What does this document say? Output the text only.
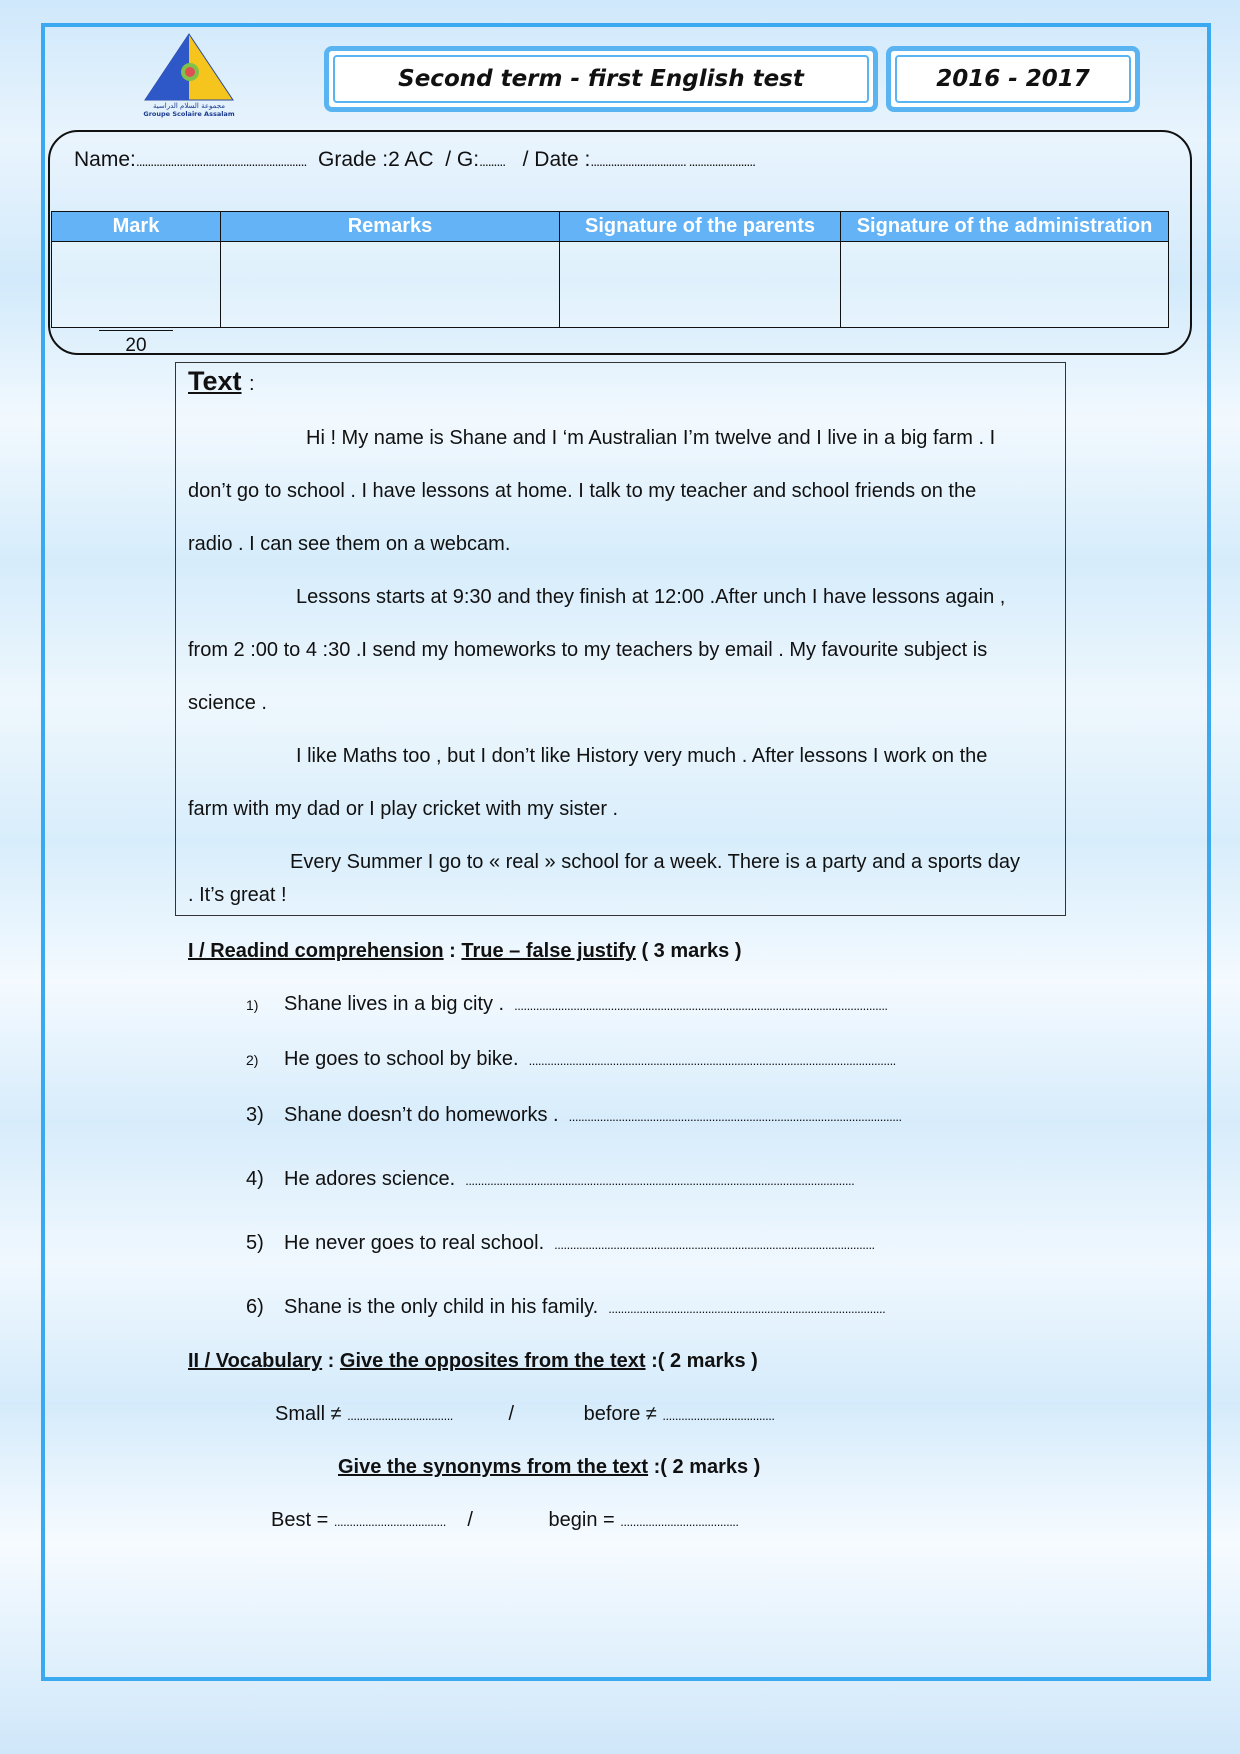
مجموعة السلام الدراسية
Groupe Scolaire Assalam
Second term - first English test	2016 - 2017
Name:........................................................... Grade :2 AC / G:......... / Date :................................. .......................
Mark	Remarks	Signature of the parents	Signature of the administration

20			

Text :
Hi ! My name is Shane and I ‘m Australian I’m twelve and I live in a big farm . I
don’t go to school . I have lessons at home. I talk to my teacher and school friends on the
radio . I can see them on a webcam.
Lessons starts at 9:30 and they finish at 12:00 .After unch I have lessons again ,
from 2 :00 to 4 :30 .I send my homeworks to my teachers by email . My favourite subject is
science .
I like Maths too , but I don’t like History very much . After lessons I work on the
farm with my dad or I play cricket with my sister .
Every Summer I go to « real » school for a week. There is a party and a sports day
. It’s great !
I / Readind comprehension : True – false justify ( 3 marks )
1) Shane lives in a big city . ........................................................................................................................
2) He goes to school by bike. ......................................................................................................................
3) Shane doesn’t do homeworks . ...........................................................................................................
4) He adores science. .............................................................................................................................
5) He never goes to real school. .......................................................................................................
6) Shane is the only child in his family. .........................................................................................
II / Vocabulary : Give the opposites from the text :( 2 marks )
Small ≠ ..................................	/	before ≠ ....................................
Give the synonyms from the text :( 2 marks )
Best = .................................... /	begin = ......................................
